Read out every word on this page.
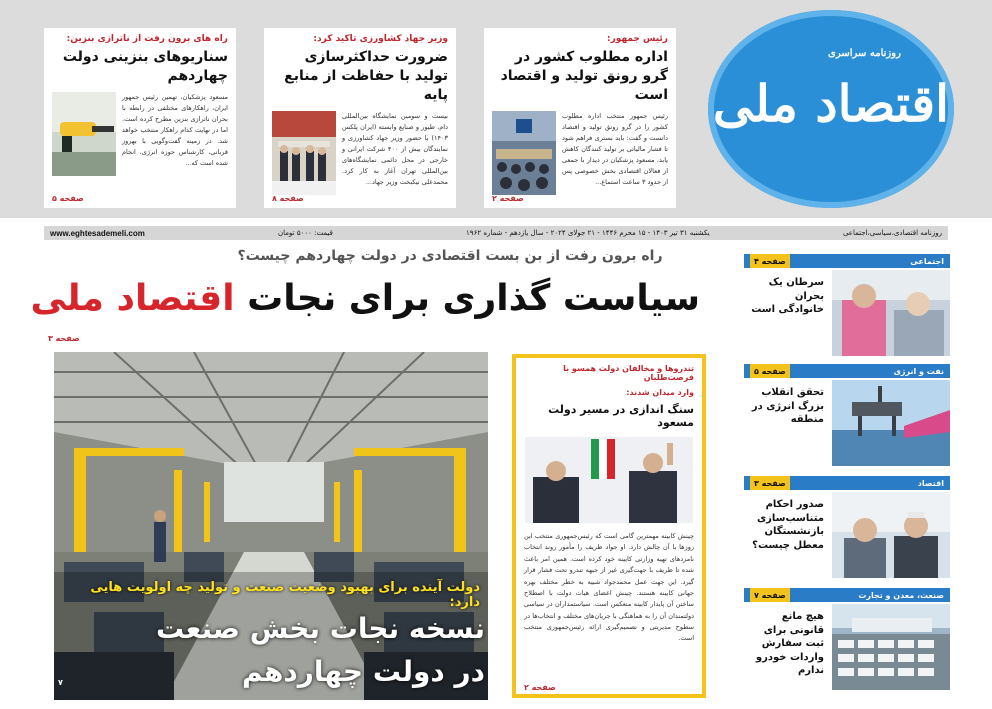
رئیس جمهور:
اداره مطلوب کشور در گرو رونق تولید و اقتصاد است
رئیس جمهور منتخب اداره مطلوب کشور را در گرو رونق تولید و اقتصاد دانست و گفت: باید بستری فراهم شود تا فشار مالیاتی بر تولید کنندگان کاهش یابد. مسعود پزشکیان در دیدار با جمعی از فعالان اقتصادی بخش خصوصی پس از حدود ۳ ساعت استماع...
صفحه ۲
وزیر جهاد کشاورزی تاکید کرد:
ضرورت حداکثرسازی تولید با حفاظت از منابع پایه
بیست و سومین نمایشگاه بین‌المللی دام، طیور و صنایع وابسته (ایران پلکس ۱۴۰۳) با حضور وزیر جهاد کشاورزی و نمایندگان بیش از ۴۰۰ شرکت ایرانی و خارجی در محل دائمی نمایشگاه‌های بین‌المللی تهران آغاز به کار کرد. محمدعلی نیکبخت وزیر جهاد...
صفحه ۸
راه های برون رفت از ناترازی بنزین:
سناریوهای بنزینی دولت چهاردهم
مسعود پزشکیان، تهمین رئیس جمهور ایران، راهکارهای مختلفی در رابطه با بحران ناترازی بنزین مطرح کرده است. اما در نهایت کدام راهکار منتخب خواهد شد. در زمینه گفت‌وگویی با بهروز قربانی، کارشناس حوزه انرژی، انجام شده است که...
صفحه ۵
روزنامه سراسری
اقتصاد ملی
روزنامه اقتصادی،سیاسی،اجتماعی
یکشنبه ۳۱ تیر ۱۴۰۳ - ۱۵ محرم ۱۴۴۶ - ۲۱ جولای ۲۰۲۴ - سال یازدهم - شماره ۱۹۶۲
قیمت: ۵۰۰۰ تومان
www.eghtesademeli.com
راه برون رفت از بن بست اقتصادی در دولت چهاردهم چیست؟
سیاست گذاری برای نجات اقتصاد ملی
صفحه ۳
دولت آینده برای بهبود وضعیت صنعت و تولید چه اولویت هایی دارد:
نسخه نجات بخش صنعت
در دولت چهاردهم
۷
تندروها و مخالفان دولت همسو با فرصت‌طلبان
وارد میدان شدند:
سنگ اندازی در مسیر دولت مسعود
چینش کابینه مهمترین گامی است که رئیس‌جمهوری منتخب این روزها با آن چالش دارد. او جواد ظریف را مأمور روند انتخاب نامزدهای تهیه وزارتی کابینه خود کرده است. همین امر باعث شده تا ظریف با جهت‌گیری غیر از جبهه تندرو تحت فشار قرار گیرد. این جهت عمل محمدجواد شبیه به خطر مختلف بهره جهانی کابینه هستند. چینش اعضای هیات دولت با اصطلاح ساختن آن پایدار کابینه منعکس است. سیاستمداران در سیاسی دولتمندان آن را به هماهنگی با جریان‌های مختلف و انتخاب‌ها در سطوح مدیریتی و تصمیم‌گیری ارائه رئیس‌جمهوری منتخب است.
صفحه ۲
اجتماعی
صفحه ۴
سرطان یک بحران خانوادگی است
نفت و انرژی
صفحه ۵
تحقق انقلاب بزرگ انرژی در منطقه
اقتصاد
صفحه ۳
صدور احکام متناسب‌سازی بازنشستگان معطل چیست؟
صنعت، معدن و تجارت
صفحه ۷
هیچ مانع قانونی برای ثبت سفارش واردات خودرو ندارم
